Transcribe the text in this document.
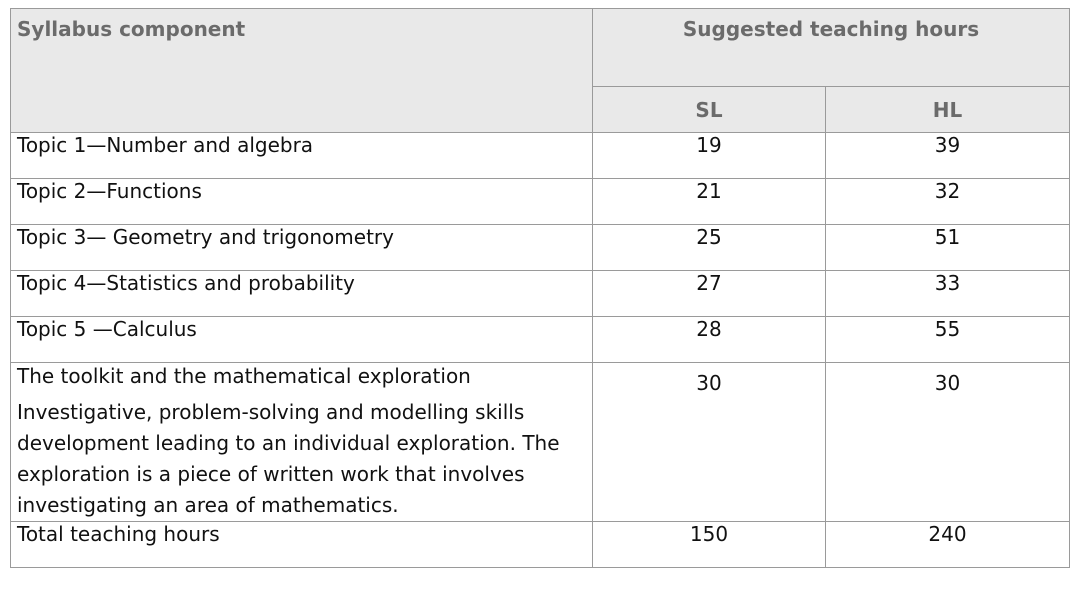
Syllabus component	Suggested teaching hours	
	SL	HL
Topic 1—Number and algebra	19	39
Topic 2—Functions	21	32
Topic 3— Geometry and trigonometry	25	51
Topic 4—Statistics and probability	27	33
Topic 5 —Calculus	28	55

The toolkit and the mathematical exploration
Investigative, problem-solving and modelling skills development leading to an individual exploration. The exploration is a piece of written work that involves investigating an area of mathematics.	30	30
Total teaching hours	150	240
